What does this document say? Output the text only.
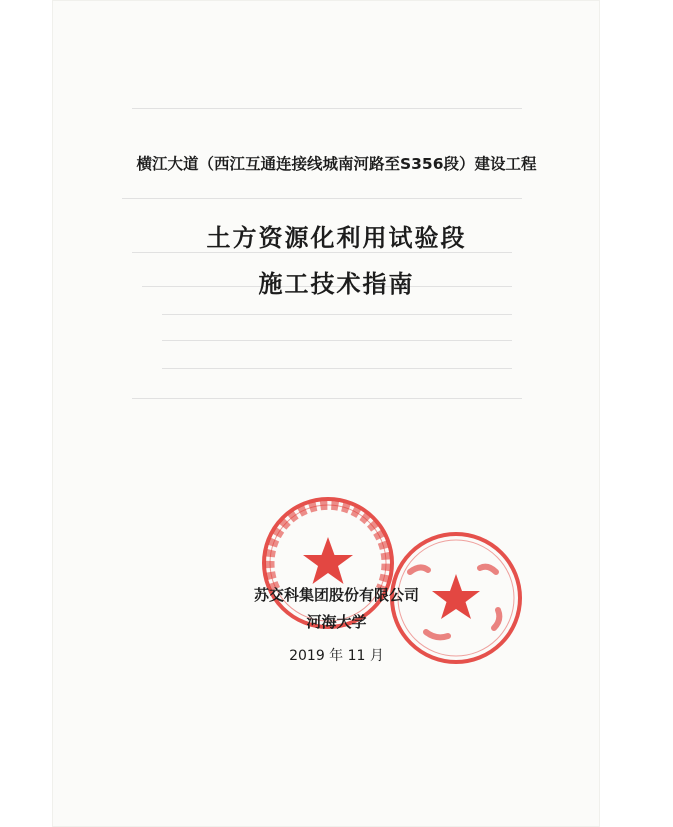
横江大道（西江互通连接线城南河路至S356段）建设工程
土方资源化利用试验段
施工技术指南
苏交科集团股份有限公司
河海大学
2019 年 11 月
